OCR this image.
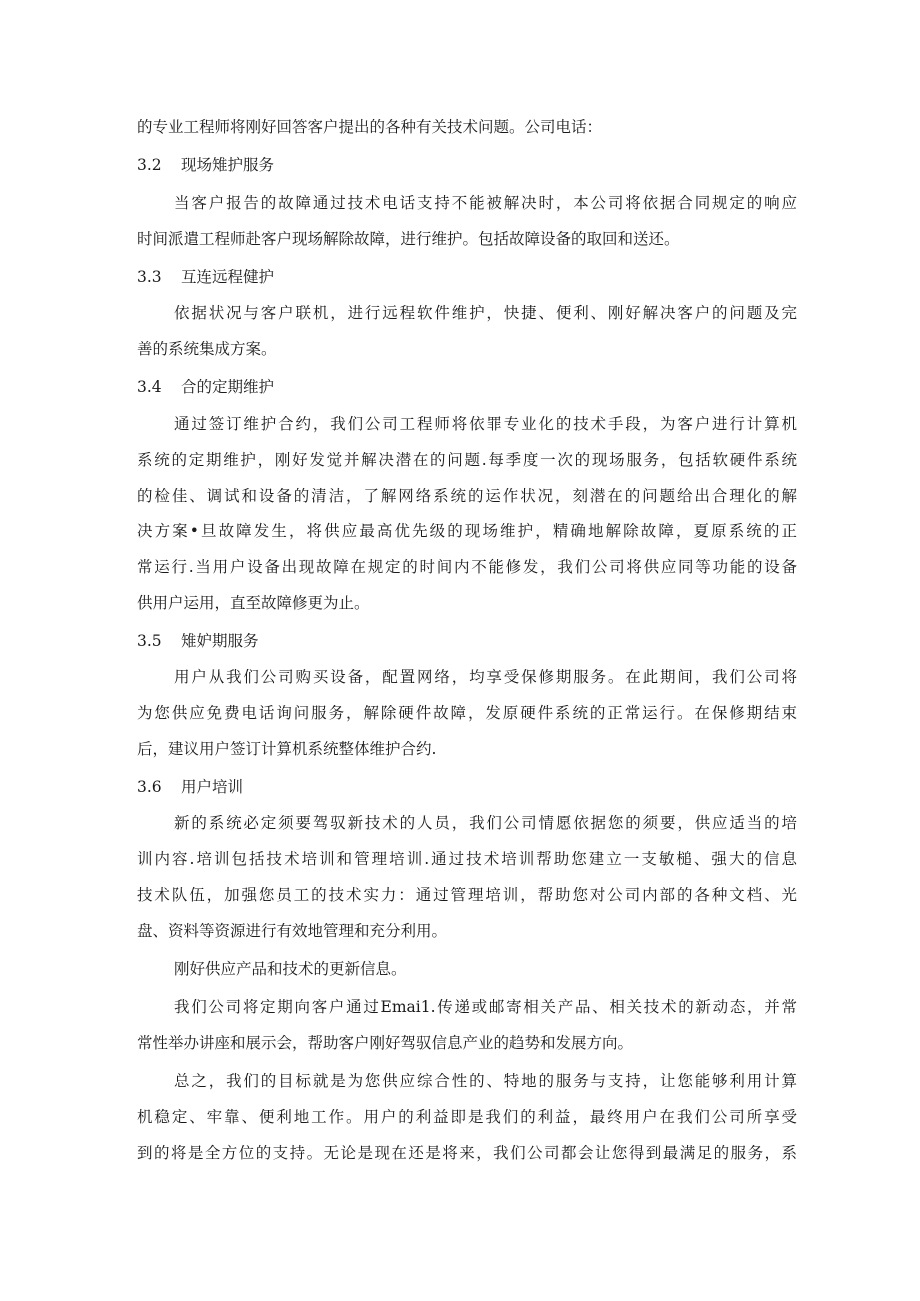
的专业工程师将刚好回答客户提出的各种有关技术问题。公司电话：
3.2 现场雉护服务
当客户报告的故障通过技术电话支持不能被解决时，本公司将依据合同规定的响应
时间派遣工程师赴客户现场解除故障，进行维护。包括故障设备的取回和送还。
3.3 互连远程健护
依据状况与客户联机，进行远程软件维护，快捷、便利、刚好解决客户的问题及完
善的系统集成方案。
3.4 合的定期维护
通过签订维护合约，我们公司工程师将依罪专业化的技术手段，为客户进行计算机
系统的定期维护，刚好发觉并解决潜在的问题.每季度一次的现场服务，包括软硬件系统
的检佳、调试和设备的清洁，了解网络系统的运作状况，刻潜在的问题给出合理化的解
决方案•旦故障发生，将供应最高优先级的现场维护，精确地解除故障，夏原系统的正
常运行.当用户设备出现故障在规定的时间内不能修发，我们公司将供应同等功能的设备
供用户运用，直至故障修更为止。
3.5 雉妒期服务
用户从我们公司购买设备，配置网络，均享受保修期服务。在此期间，我们公司将
为您供应免费电话询问服务，解除硬件故障，发原硬件系统的正常运行。在保修期结束
后，建议用户签订计算机系统整体维护合约.
3.6 用户培训
新的系统必定须要驾驭新技术的人员，我们公司情愿依据您的须要，供应适当的培
训内容.培训包括技术培训和管理培训.通过技术培训帮助您建立一支敏槌、强大的信息
技术队伍，加强您员工的技术实力：通过管理培训，帮助您对公司内部的各种文档、光
盘、资料等资源进行有效地管理和充分利用。
刚好供应产品和技术的更新信息。
我们公司将定期向客户通过Emai1.传递或邮寄相关产品、相关技术的新动态，并常
常性举办讲座和展示会，帮助客户刚好驾驭信息产业的趋势和发展方向。
总之，我们的目标就是为您供应综合性的、特地的服务与支持，让您能够利用计算
机稳定、牢靠、便利地工作。用户的利益即是我们的利益，最终用户在我们公司所享受
到的将是全方位的支持。无论是现在还是将来，我们公司都会让您得到最满足的服务，系
